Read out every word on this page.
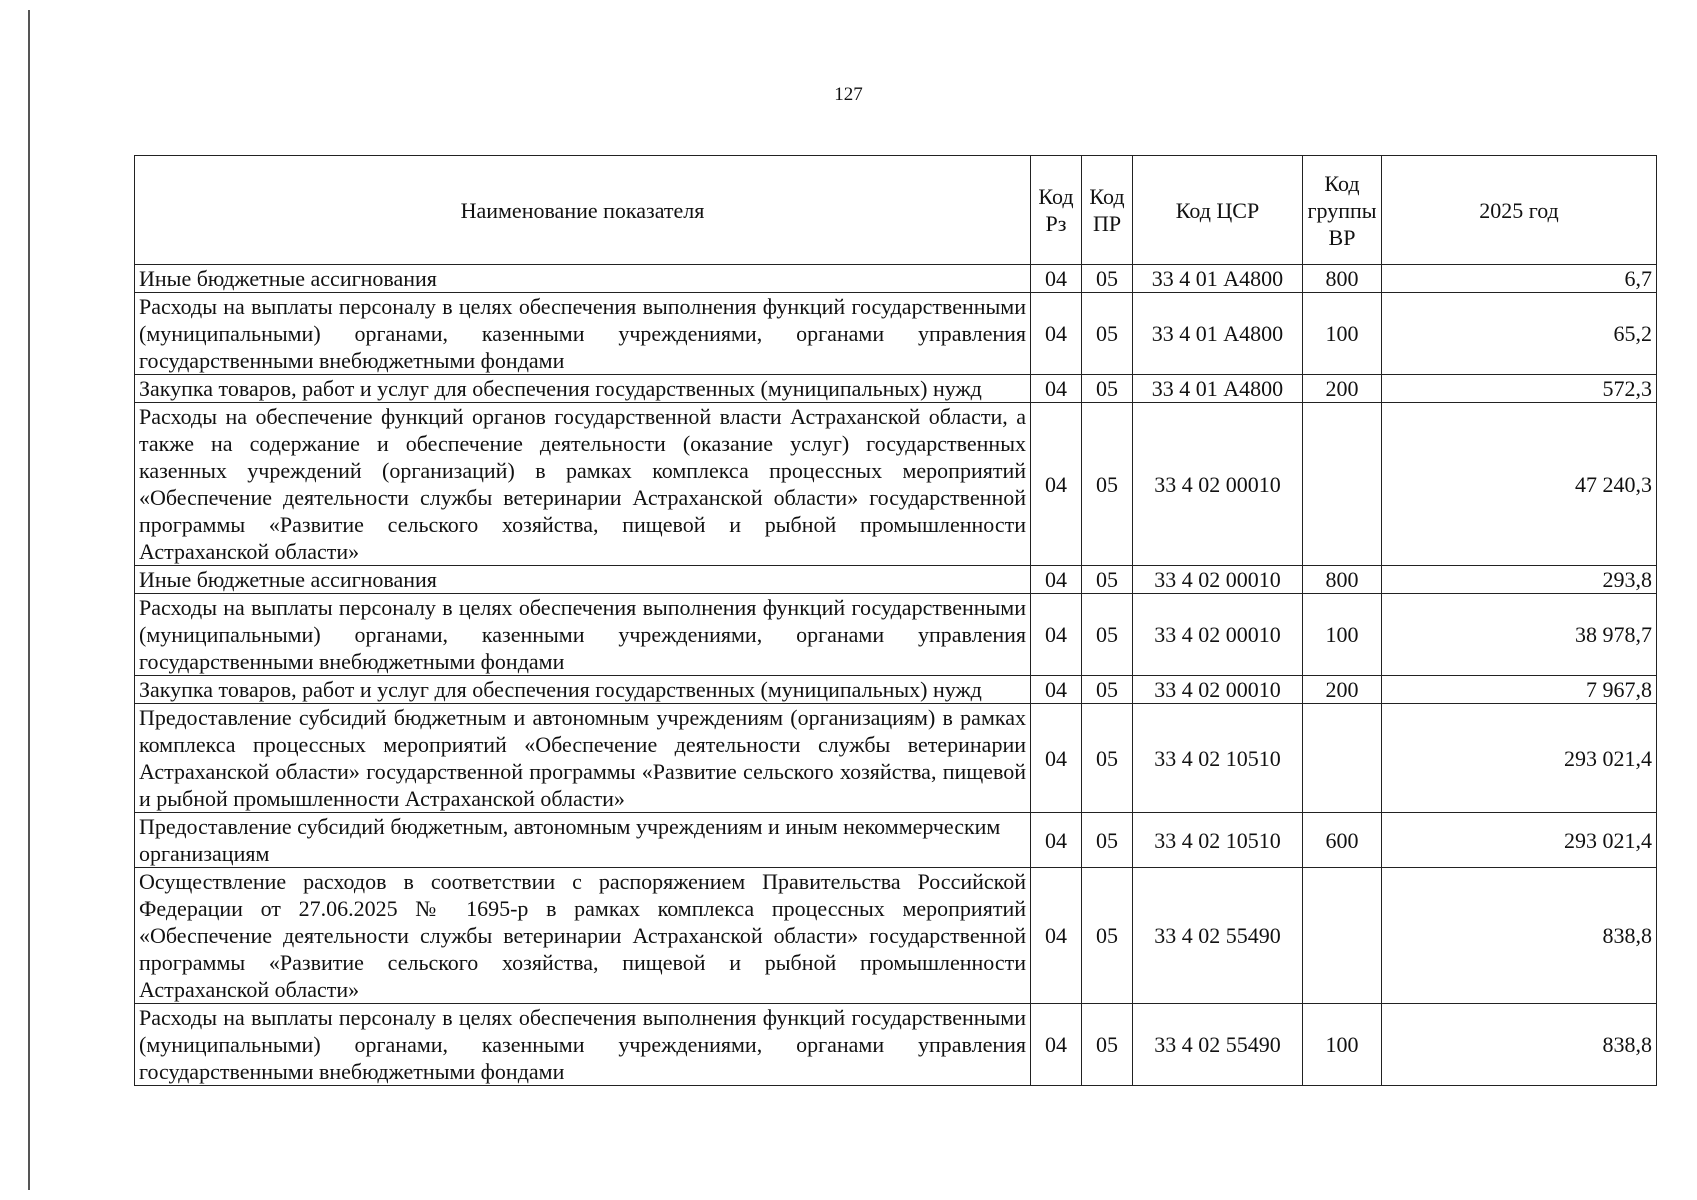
127
Наименование показателя	Код Рз	Код ПР	Код ЦСР	Код группы ВР	2025 год
Иные бюджетные ассигнования	04	05	33 4 01 А4800	800	6,7
Расходы на выплаты персоналу в целях обеспечения выполнения функций государственными (муниципальными) органами, казенными учреждениями, органами управления государственными внебюджетными фондами	04	05	33 4 01 А4800	100	65,2
Закупка товаров, работ и услуг для обеспечения государственных (муниципальных) нужд	04	05	33 4 01 А4800	200	572,3
Расходы на обеспечение функций органов государственной власти Астраханской области, а также на содержание и обеспечение деятельности (оказание услуг) государственных казенных учреждений (организаций) в рамках комплекса процессных мероприятий «Обеспечение деятельности службы ветеринарии Астраханской области» государственной программы «Развитие сельского хозяйства, пищевой и рыбной промышленности Астраханской области»	04	05	33 4 02 00010		47 240,3
Иные бюджетные ассигнования	04	05	33 4 02 00010	800	293,8
Расходы на выплаты персоналу в целях обеспечения выполнения функций государственными (муниципальными) органами, казенными учреждениями, органами управления государственными внебюджетными фондами	04	05	33 4 02 00010	100	38 978,7
Закупка товаров, работ и услуг для обеспечения государственных (муниципальных) нужд	04	05	33 4 02 00010	200	7 967,8
Предоставление субсидий бюджетным и автономным учреждениям (организациям) в рамках комплекса процессных мероприятий «Обеспечение деятельности службы ветеринарии Астраханской области» государственной программы «Развитие сельского хозяйства, пищевой и рыбной промышленности Астраханской области»	04	05	33 4 02 10510		293 021,4
Предоставление субсидий бюджетным, автономным учреждениям и иным некоммерческим организациям	04	05	33 4 02 10510	600	293 021,4
Осуществление расходов в соответствии с распоряжением Правительства Российской Федерации от 27.06.2025 № 1695-р в рамках комплекса процессных мероприятий «Обеспечение деятельности службы ветеринарии Астраханской области» государственной программы «Развитие сельского хозяйства, пищевой и рыбной промышленности Астраханской области»	04	05	33 4 02 55490		838,8
Расходы на выплаты персоналу в целях обеспечения выполнения функций государственными (муниципальными) органами, казенными учреждениями, органами управления государственными внебюджетными фондами	04	05	33 4 02 55490	100	838,8
